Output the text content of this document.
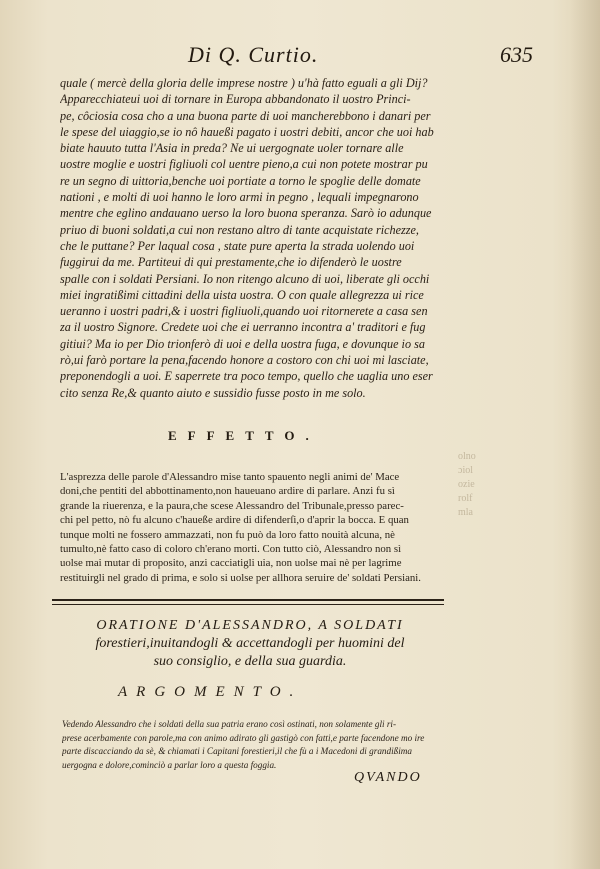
Di Q. Curtio.	635
quale ( mercè della gloria delle imprese nostre ) u'hà fatto eguali a gli Dij?
Apparecchiateui uoi di tornare in Europa abbandonato il uostro Princi-
pe, côciosia cosa cho a una buona parte di uoi mancherebbono i danari per
le spese del uiaggio,se io nô haueßi pagato i uostri debiti, ancor che uoi hab
biate hauuto tutta l'Asia in preda? Ne ui uergognate uoler tornare alle
uostre moglie e uostri figliuoli col uentre pieno,a cui non potete mostrar pu
re un segno di uittoria,benche uoi portiate a torno le spoglie delle domate
nationi , e molti di uoi hanno le loro armi in pegno , lequali impegnarono
mentre che eglino andauano uerso la loro buona speranza. Sarò io adunque
priuo di buoni soldati,a cui non restano altro di tante acquistate richezze,
che le puttane? Per laqual cosa , state pure aperta la strada uolendo uoi
fuggirui da me. Partiteui di qui prestamente,che io difenderò le uostre
spalle con i soldati Persiani. Io non ritengo alcuno di uoi, liberate gli occhi
miei ingratißimi cittadini della uista uostra. O con quale allegrezza ui rice
ueranno i uostri padri,& i uostri figliuoli,quando uoi ritornerete a casa sen
za il uostro Signore. Credete uoi che ei uerranno incontra a' traditori e fug
gitiui? Ma io per Dio trionferò di uoi e della uostra fuga, e dovunque io sa
rò,ui farò portare la pena,facendo honore a costoro con chi uoi mi lasciate,
preponendogli a uoi. E saperrete tra poco tempo, quello che uaglia uno eser
cito senza Re,& quanto aiuto e sussidio fusse posto in me solo.
EFFETTO.
L'asprezza delle parole d'Alessandro mise tanto spauento negli animi de' Mace
doni,che pentiti del abbottinamento,non haueuano ardire di parlare. Anzi fu sì
grande la riuerenza, e la paura,che scese Alessandro del Tribunale,presso parec-
chi pel petto, nò fu alcuno c'haueße ardire di difenderſi,o d'aprir la bocca. E quan
tunque molti ne fossero ammazzati, non fu può da loro fatto nouità alcuna, nè
tumulto,nè fatto caso di coloro ch'erano morti. Con tutto ciò, Alessandro non sì
uolse mai mutar di proposito, anzi cacciatigli uia, non uolse mai nè per lagrime
restituirgli nel grado di prima, e solo si uolse per allhora seruire de' soldati Persiani.
ORATIONE D'ALESSANDRO, A SOLDATI
forestieri,inuitandogli & accettandogli per huomini del
suo consiglio, e della sua guardia.
ARGOMENTO.
Vedendo Alessandro che i soldati della sua patria erano così ostinati, non solamente gli ri-
prese acerbamente con parole,ma con animo adirato gli gastigò con fatti,e parte facendone mo ire
parte discacciando da sè, & chiamati i Capitani forestieri,il che fù a i Macedoni di grandißima
uergogna e dolore,cominciò a parlar loro a questa foggia.
QVANDO
olno
ɔiol
ozie
rolf
mla
